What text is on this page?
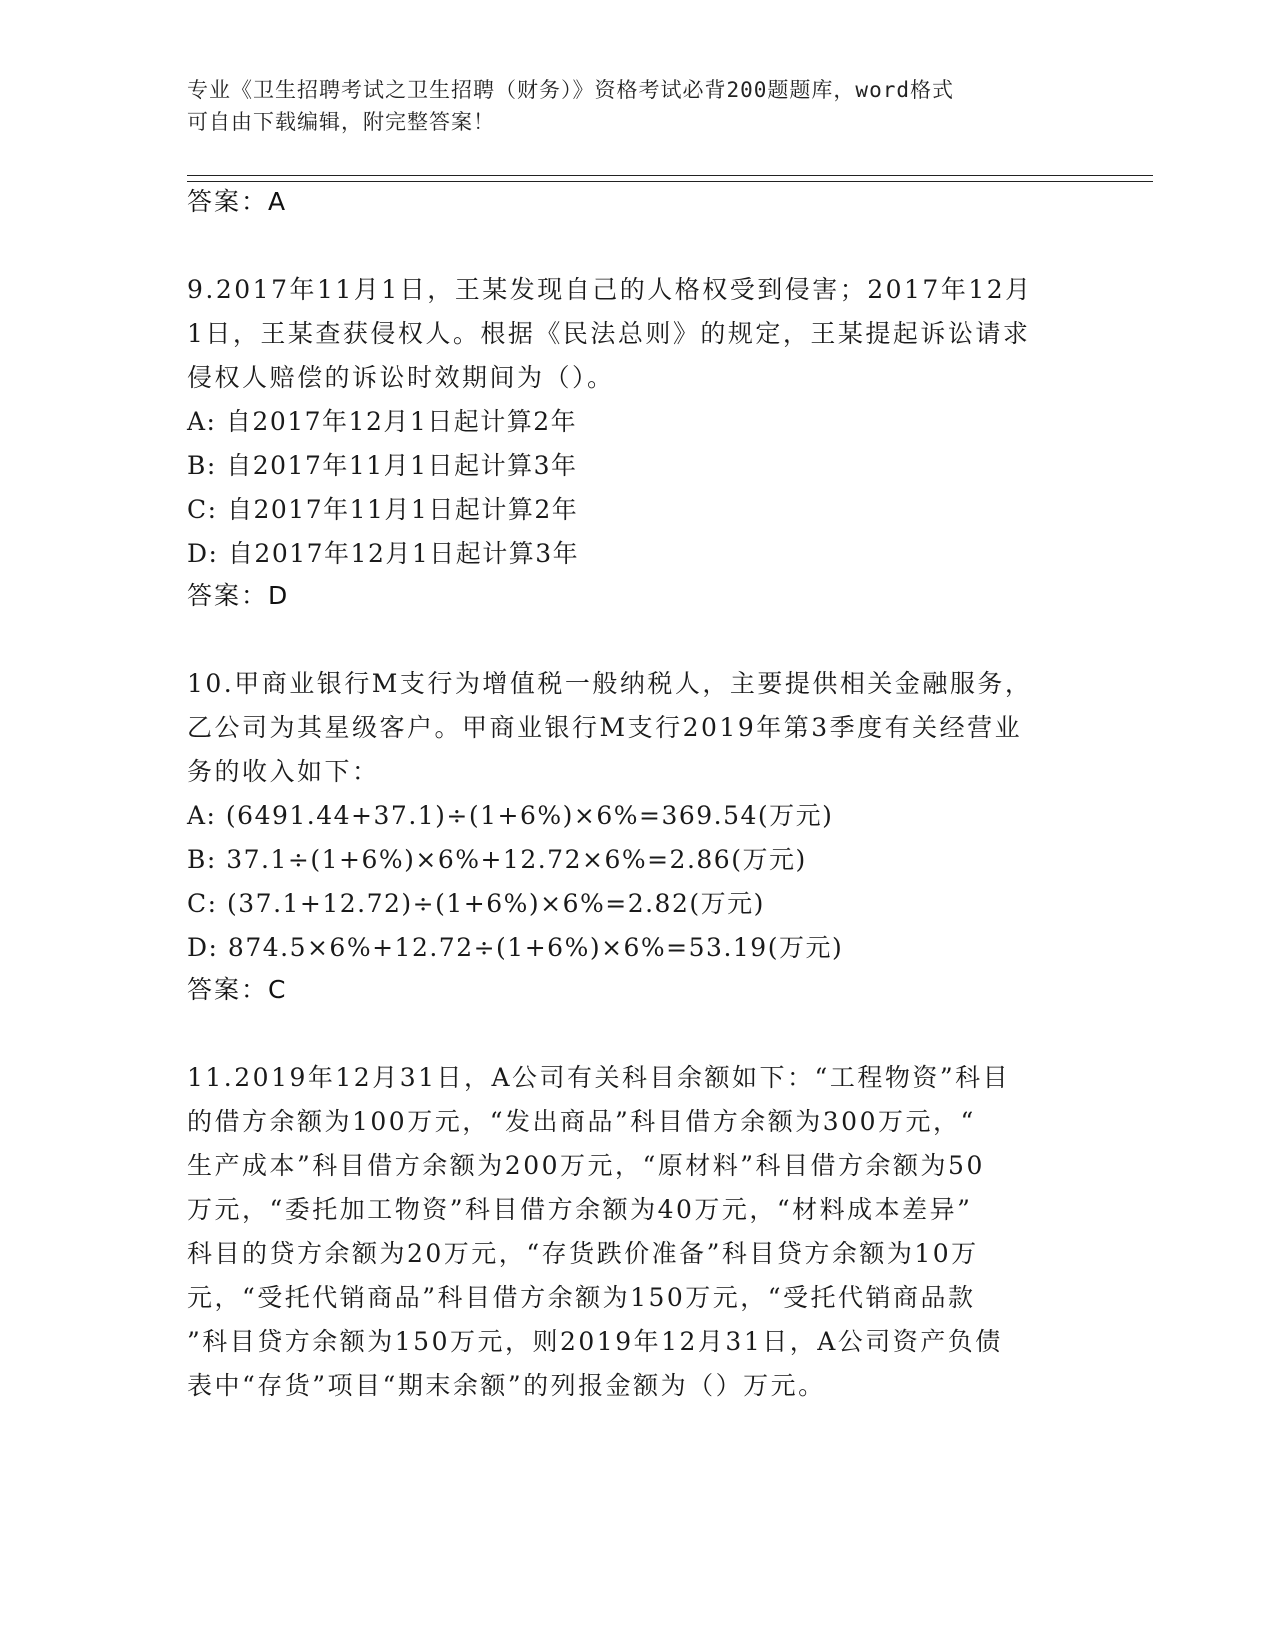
专业《卫生招聘考试之卫生招聘（财务）》资格考试必背200题题库，word格式
可自由下载编辑，附完整答案！
答案：A
9.2017年11月1日，王某发现自己的人格权受到侵害；2017年12月
1日，王某查获侵权人。根据《民法总则》的规定，王某提起诉讼请求
侵权人赔偿的诉讼时效期间为（）。
A: 自2017年12月1日起计算2年
B: 自2017年11月1日起计算3年
C: 自2017年11月1日起计算2年
D: 自2017年12月1日起计算3年
答案：D
10.甲商业银行M支行为增值税一般纳税人，主要提供相关金融服务，
乙公司为其星级客户。甲商业银行M支行2019年第3季度有关经营业
务的收入如下：
A: (6491.44+37.1)÷(1+6%)×6%=369.54(万元)
B: 37.1÷(1+6%)×6%+12.72×6%=2.86(万元)
C: (37.1+12.72)÷(1+6%)×6%=2.82(万元)
D: 874.5×6%+12.72÷(1+6%)×6%=53.19(万元)
答案：C
11.2019年12月31日，A公司有关科目余额如下：“工程物资”科目
的借方余额为100万元，“发出商品”科目借方余额为300万元，“
生产成本”科目借方余额为200万元，“原材料”科目借方余额为50
万元，“委托加工物资”科目借方余额为40万元，“材料成本差异”
科目的贷方余额为20万元，“存货跌价准备”科目贷方余额为10万
元，“受托代销商品”科目借方余额为150万元，“受托代销商品款
”科目贷方余额为150万元，则2019年12月31日，A公司资产负债
表中“存货”项目“期末余额”的列报金额为（）万元。
